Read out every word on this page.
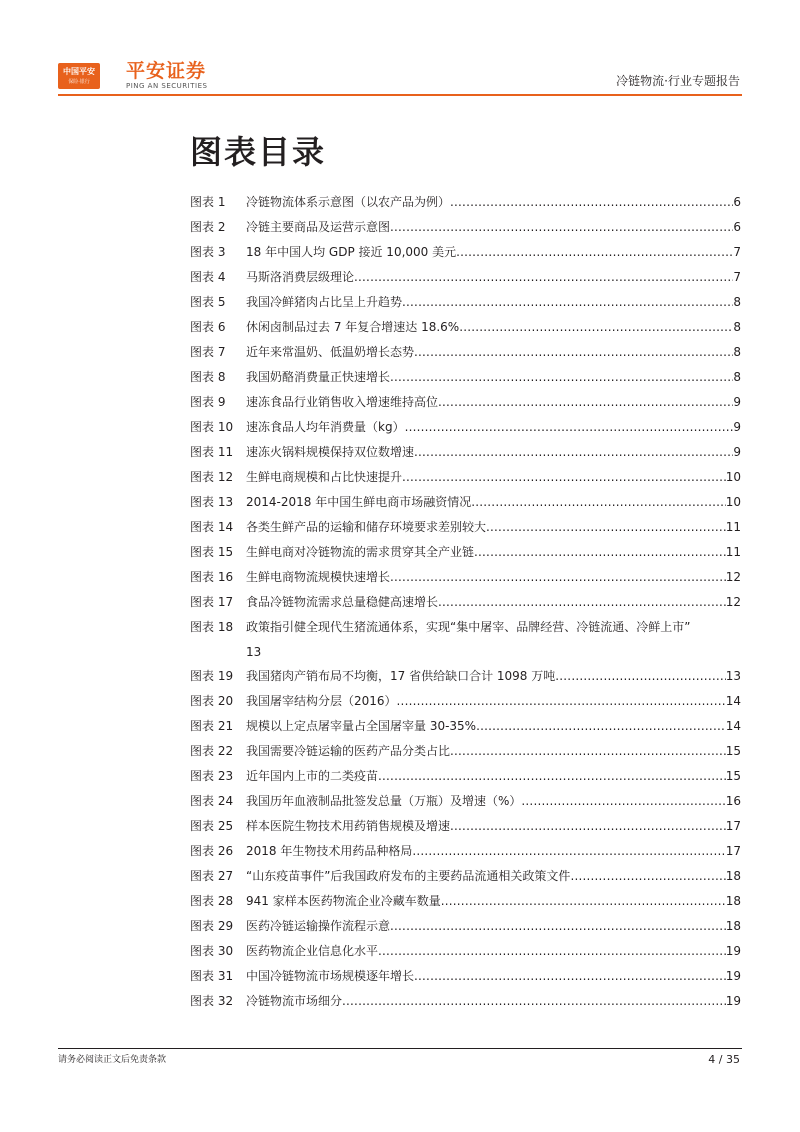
中国平安
保险·银行	平安证券
PING AN SECURITIES	冷链物流·行业专题报告
图表目录
图表 1	冷链物流体系示意图（以农产品为例） .....	6
图表 2	冷链主要商品及运营示意图 .....	6
图表 3	18 年中国人均 GDP 接近 10,000 美元 .....	7
图表 4	马斯洛消费层级理论 .....	7
图表 5	我国冷鲜猪肉占比呈上升趋势 .....	8
图表 6	休闲卤制品过去 7 年复合增速达 18.6% .....	8
图表 7	近年来常温奶、低温奶增长态势 .....	8
图表 8	我国奶酪消费量正快速增长 .....	8
图表 9	速冻食品行业销售收入增速维持高位 .....	9
图表 10	速冻食品人均年消费量（kg） .....	9
图表 11	速冻火锅料规模保持双位数增速 .....	9
图表 12	生鲜电商规模和占比快速提升 .....	10
图表 13	2014-2018 年中国生鲜电商市场融资情况 .....	10
图表 14	各类生鲜产品的运输和储存环境要求差别较大 .....	11
图表 15	生鲜电商对冷链物流的需求贯穿其全产业链 .....	11
图表 16	生鲜电商物流规模快速增长 .....	12
图表 17	食品冷链物流需求总量稳健高速增长 .....	12
图表 18	政策指引健全现代生猪流通体系，实现“集中屠宰、品牌经营、冷链流通、冷鲜上市”
13
图表 19	我国猪肉产销布局不均衡，17 省供给缺口合计 1098 万吨 .....	13
图表 20	我国屠宰结构分层（2016） .....	14
图表 21	规模以上定点屠宰量占全国屠宰量 30-35% .....	14
图表 22	我国需要冷链运输的医药产品分类占比 .....	15
图表 23	近年国内上市的二类疫苗 .....	15
图表 24	我国历年血液制品批签发总量（万瓶）及增速（%） .....	16
图表 25	样本医院生物技术用药销售规模及增速 .....	17
图表 26	2018 年生物技术用药品种格局 .....	17
图表 27	“山东疫苗事件”后我国政府发布的主要药品流通相关政策文件 .....	18
图表 28	941 家样本医药物流企业冷藏车数量 .....	18
图表 29	医药冷链运输操作流程示意 .....	18
图表 30	医药物流企业信息化水平 .....	19
图表 31	中国冷链物流市场规模逐年增长 .....	19
图表 32	冷链物流市场细分 .....	19
请务必阅读正文后免责条款	4 / 35
